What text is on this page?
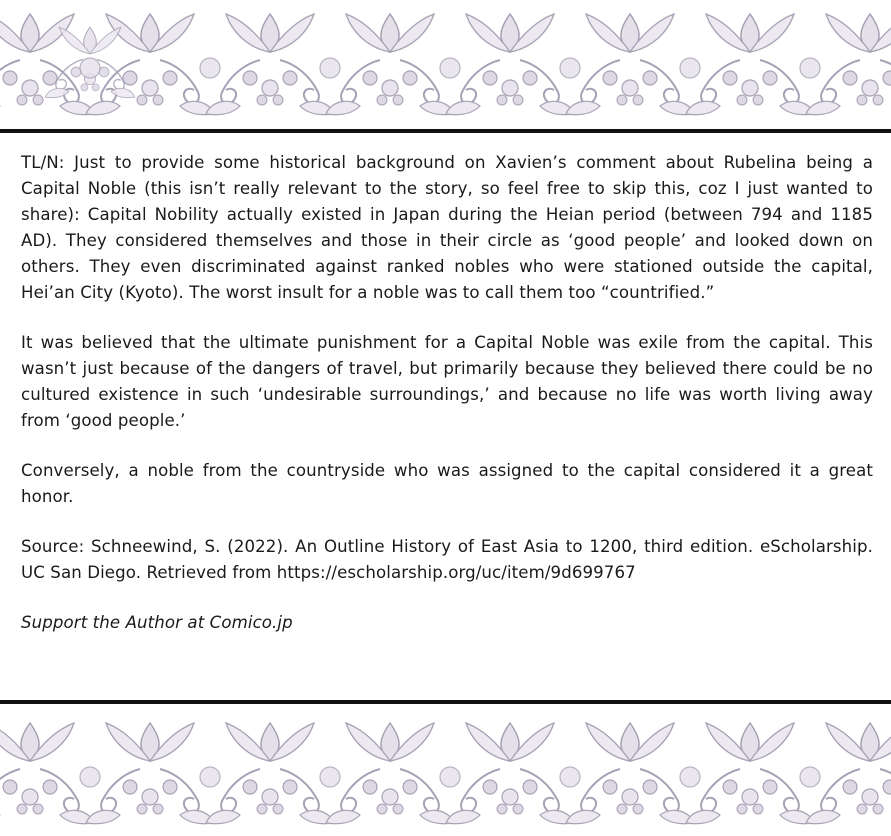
TL/N: Just to provide some historical background on Xavien’s comment about Rubelina being a Capital Noble (this isn’t really relevant to the story, so feel free to skip this, coz I just wanted to share): Capital Nobility actually existed in Japan during the Heian period (between 794 and 1185 AD). They considered themselves and those in their circle as ‘good people’ and looked down on others. They even discriminated against ranked nobles who were stationed outside the capital, Hei’an City (Kyoto). The worst insult for a noble was to call them too “countrified.”

It was believed that the ultimate punishment for a Capital Noble was exile from the capital. This wasn’t just because of the dangers of travel, but primarily because they believed there could be no cultured existence in such ‘undesirable surroundings,’ and because no life was worth living away from ‘good people.’

Conversely, a noble from the countryside who was assigned to the capital considered it a great honor.

Source: Schneewind, S. (2022). An Outline History of East Asia to 1200, third edition. eScholarship. UC San Diego. Retrieved from https://escholarship.org/uc/item/9d699767

Support the Author at Comico.jp
